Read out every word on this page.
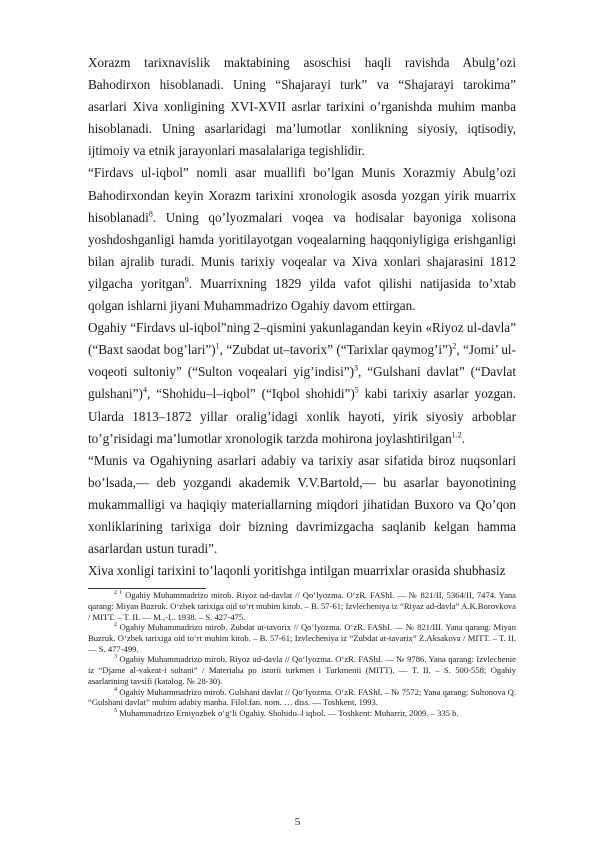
Xorazm tarixnavislik maktabining asoschisi haqli ravishda Abulg’ozi Bahodirxon hisoblanadi. Uning “Shajarayi turk” va “Shajarayi tarokima” asarlari Xiva xonligining XVI-XVII asrlar tarixini o’rganishda muhim manba hisoblanadi. Uning asarlaridagi ma’lumotlar xonlikning siyosiy, iqtisodiy, ijtimoiy va etnik jarayonlari masalalariga tegishlidir.

“Firdavs ul-iqbol” nomli asar muallifi bo’lgan Munis Xorazmiy Abulg’ozi Bahodirxondan keyin Xorazm tarixini xronologik asosda yozgan yirik muarrix hisoblanadi$^8$. Uning qo’lyozmalari voqea va hodisalar bayoniga xolisona yoshdoshganligi hamda yoritilayotgan voqealarning haqqoniyligiga erishganligi bilan ajralib turadi. Munis tarixiy voqealar va Xiva xonlari shajarasini 1812 yilgacha yoritgan$^9$. Muarrixning 1829 yilda vafot qilishi natijasida to’xtab qolgan ishlarni jiyani Muhammadrizo Ogahiy davom ettirgan.

Ogahiy “Firdavs ul-iqbol”ning 2–qismini yakunlagandan keyin «Riyoz ul-davla” (“Baxt saodat bog’lari”)$^1$, “Zubdat ut–tavorix” (“Tarixlar qaymog’i”)$^2$, “Jomi’ ul-voqeoti sultoniy” (“Sulton voqealari yig’indisi”)$^3$, “Gulshani davlat” (“Davlat gulshani”)$^4$, “Shohidu–l–iqbol” (“Iqbol shohidi”)$^5$ kabi tarixiy asarlar yozgan. Ularda 1813–1872 yillar oralig’idagi xonlik hayoti, yirik siyosiy arboblar to’g’risidagi ma’lumotlar xronologik tarzda mohirona joylashtirilgan$^{1.2}$.

“Munis va Ogahiyning asarlari adabiy va tarixiy asar sifatida biroz nuqsonlari bo’lsada,— deb yozgandi akademik V.V.Bartold,— bu asarlar bayonotining mukammalligi va haqiqiy materiallarning miqdori jihatidan Buxoro va Qo’qon xonliklarining tarixiga doir bizning davrimizgacha saqlanib kelgan hamma asarlardan ustun turadi”.

Xiva xonligi tarixini to’laqonli yoritishga intilgan muarrixlar orasida shubhasiz

$^{2 1}$ Ogahiy Muhammadrizo mirob. Riyoz ud-davlat // Qo‘lyozma. O‘zR. FAShI. — № 821/II, 5364/II, 7474. Yana qarang: Miyan Buzruk. O‘zbek tarixiga oid to‘rt muhim kitob. – B. 57-61; Izvlecheniya iz “Riyaz ad-davla” A.K.Borovkova / MITT. – T. II. — M.,-L. 1938. – S. 427-475.

$^2$ Ogahiy Muhammadrizo mirob. Zubdat ut-tavorix // Qo‘lyozma. O‘zR. FAShI. — № 821/III. Yana qarang: Miyan Buzruk. O‘zbek tarixiga oid to‘rt muhim kitob. – B. 57-61; Izvlecheniya iz “Zubdat at-tavarix” Z.Aksakova / MITT. – T. II. — S. 477-499.

$^3$ Ogahiy Muhammadrizo mirob. Riyoz ud-davla // Qo‘lyozma. O‘zR. FAShI. — № 9786. Yana qarang: Izvlechenie iz “Djame al-vakeat-i sultani” / Materialы po istorii turkmen i Turkmenii (MITT). — T. II. – S. 500-558; Ogahiy asarlarining tavsifi (katalog. № 28-30).

$^4$ Ogahiy Muhammadrizo mirob. Gulshani davlat // Qo‘lyozma. O‘zR. FAShI. – № 7572; Yana qarang: Sultonova Q. “Gulshani davlat” muhim adabiy manba. Filol.fan. nom. … diss. — Toshkent, 1993.

$^5$ Muhammadrizo Erniyozbek o‘g‘li Ogahiy. Shohidu–l iqbol. — Toshkent: Muharrir, 2009. – 335 b.

5
